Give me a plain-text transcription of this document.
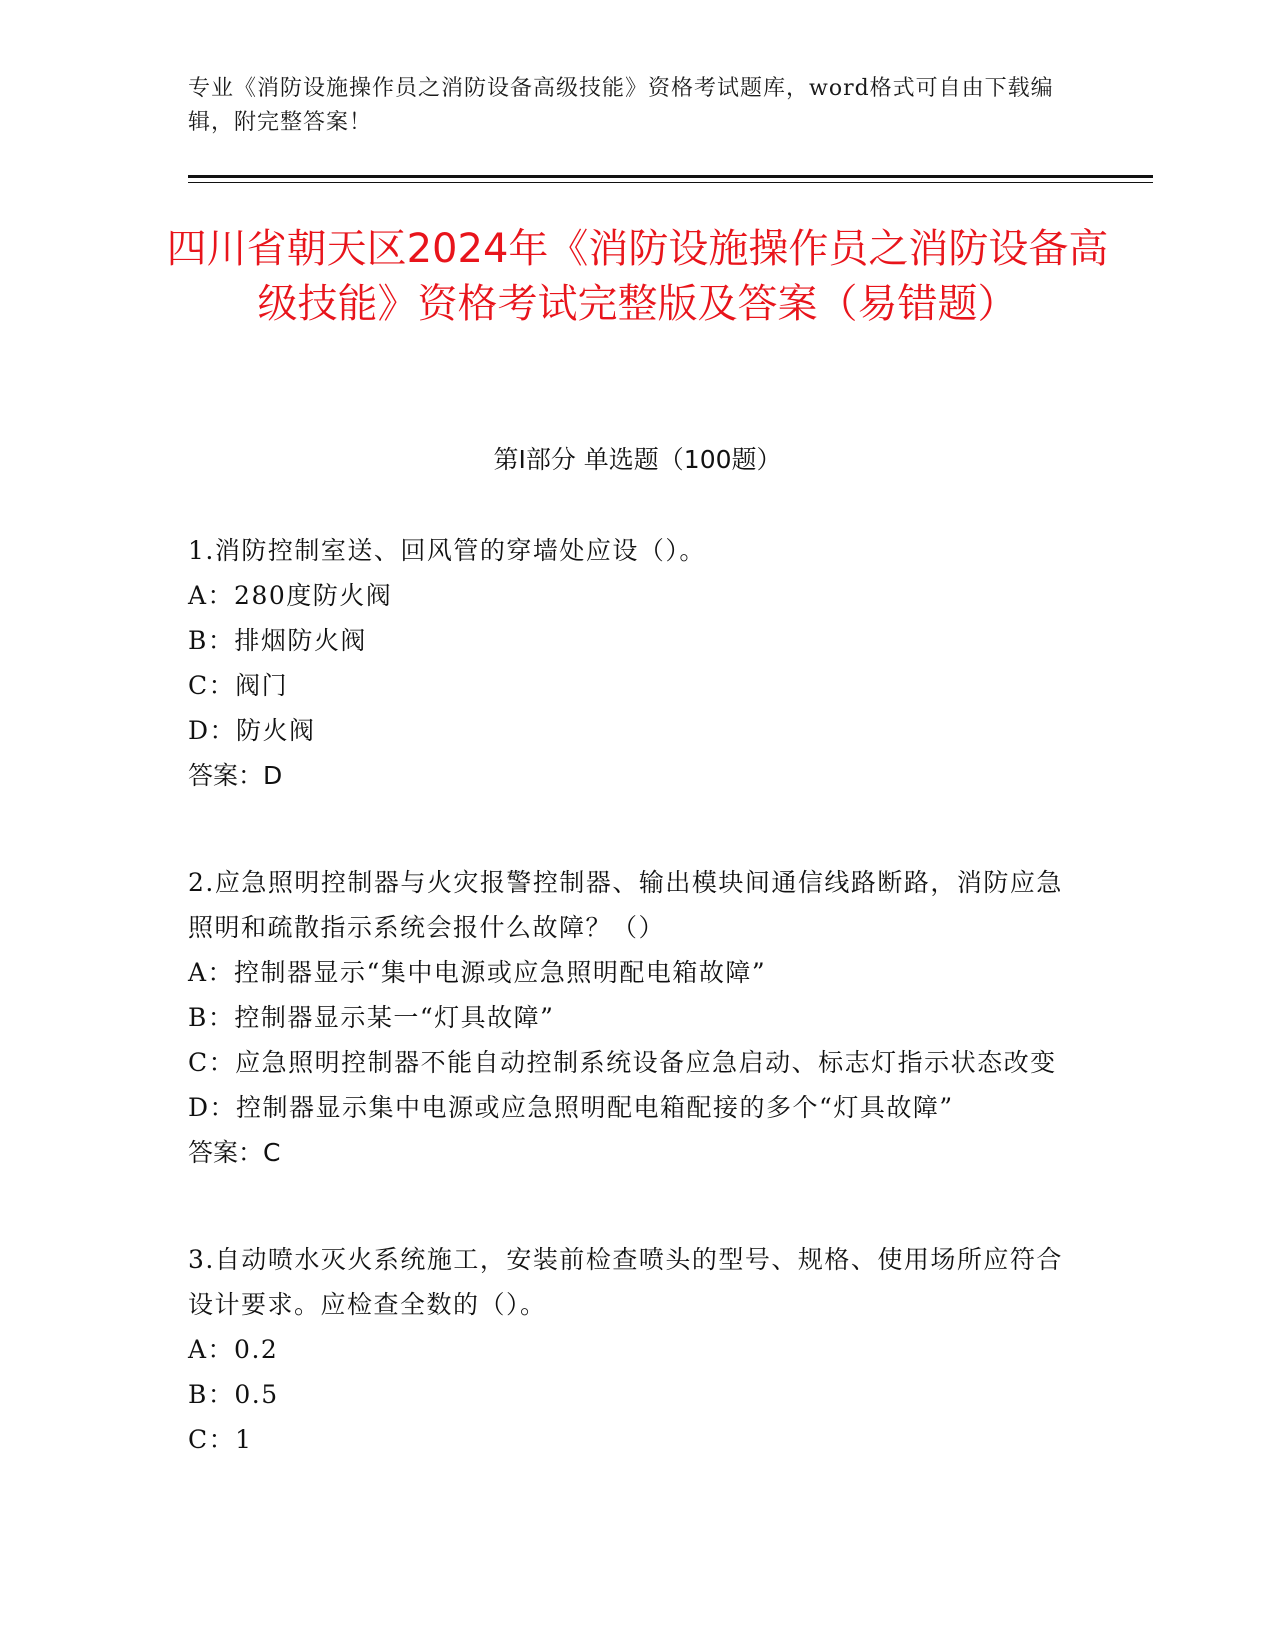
专业《消防设施操作员之消防设备高级技能》资格考试题库，word格式可自由下载编辑，附完整答案！
四川省朝天区2024年《消防设施操作员之消防设备高级技能》资格考试完整版及答案（易错题）
第Ⅰ部分 单选题（100题）
1.消防控制室送、回风管的穿墙处应设（）。
A：280度防火阀
B：排烟防火阀
C：阀门
D：防火阀
答案：D
2.应急照明控制器与火灾报警控制器、输出模块间通信线路断路，消防应急照明和疏散指示系统会报什么故障？（）
A：控制器显示“集中电源或应急照明配电箱故障”
B：控制器显示某一“灯具故障”
C：应急照明控制器不能自动控制系统设备应急启动、标志灯指示状态改变
D：控制器显示集中电源或应急照明配电箱配接的多个“灯具故障”
答案：C
3.自动喷水灭火系统施工，安装前检查喷头的型号、规格、使用场所应符合设计要求。应检查全数的（）。
A：0.2
B：0.5
C：1
